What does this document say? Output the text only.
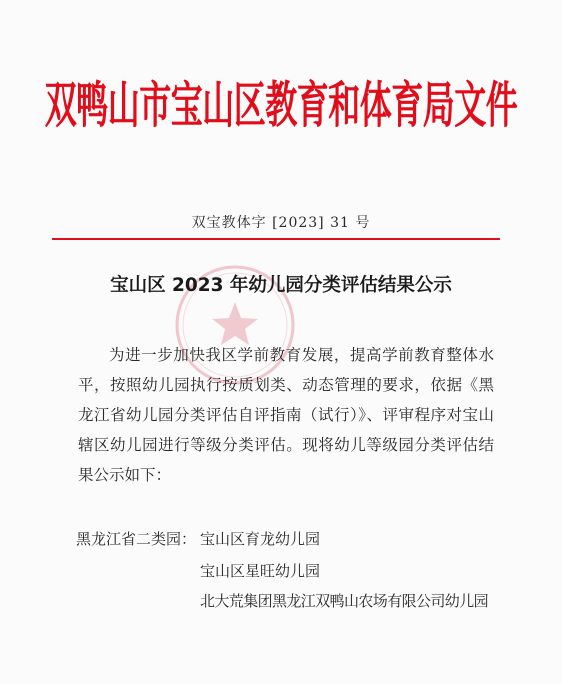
双鸭山市宝山区教育和体育局文件
双宝教体字 [2023] 31 号
宝山区 2023 年幼儿园分类评估结果公示

为进一步加快我区学前教育发展，提高学前教育整体水平，按照幼儿园执行按质划类、动态管理的要求，依据《黑龙江省幼儿园分类评估自评指南（试行）》、评审程序对宝山辖区幼儿园进行等级分类评估。现将幼儿等级园分类评估结果公示如下：

黑龙江省二类园： 宝山区育龙幼儿园
宝山区星旺幼儿园
北大荒集团黑龙江双鸭山农场有限公司幼儿园
